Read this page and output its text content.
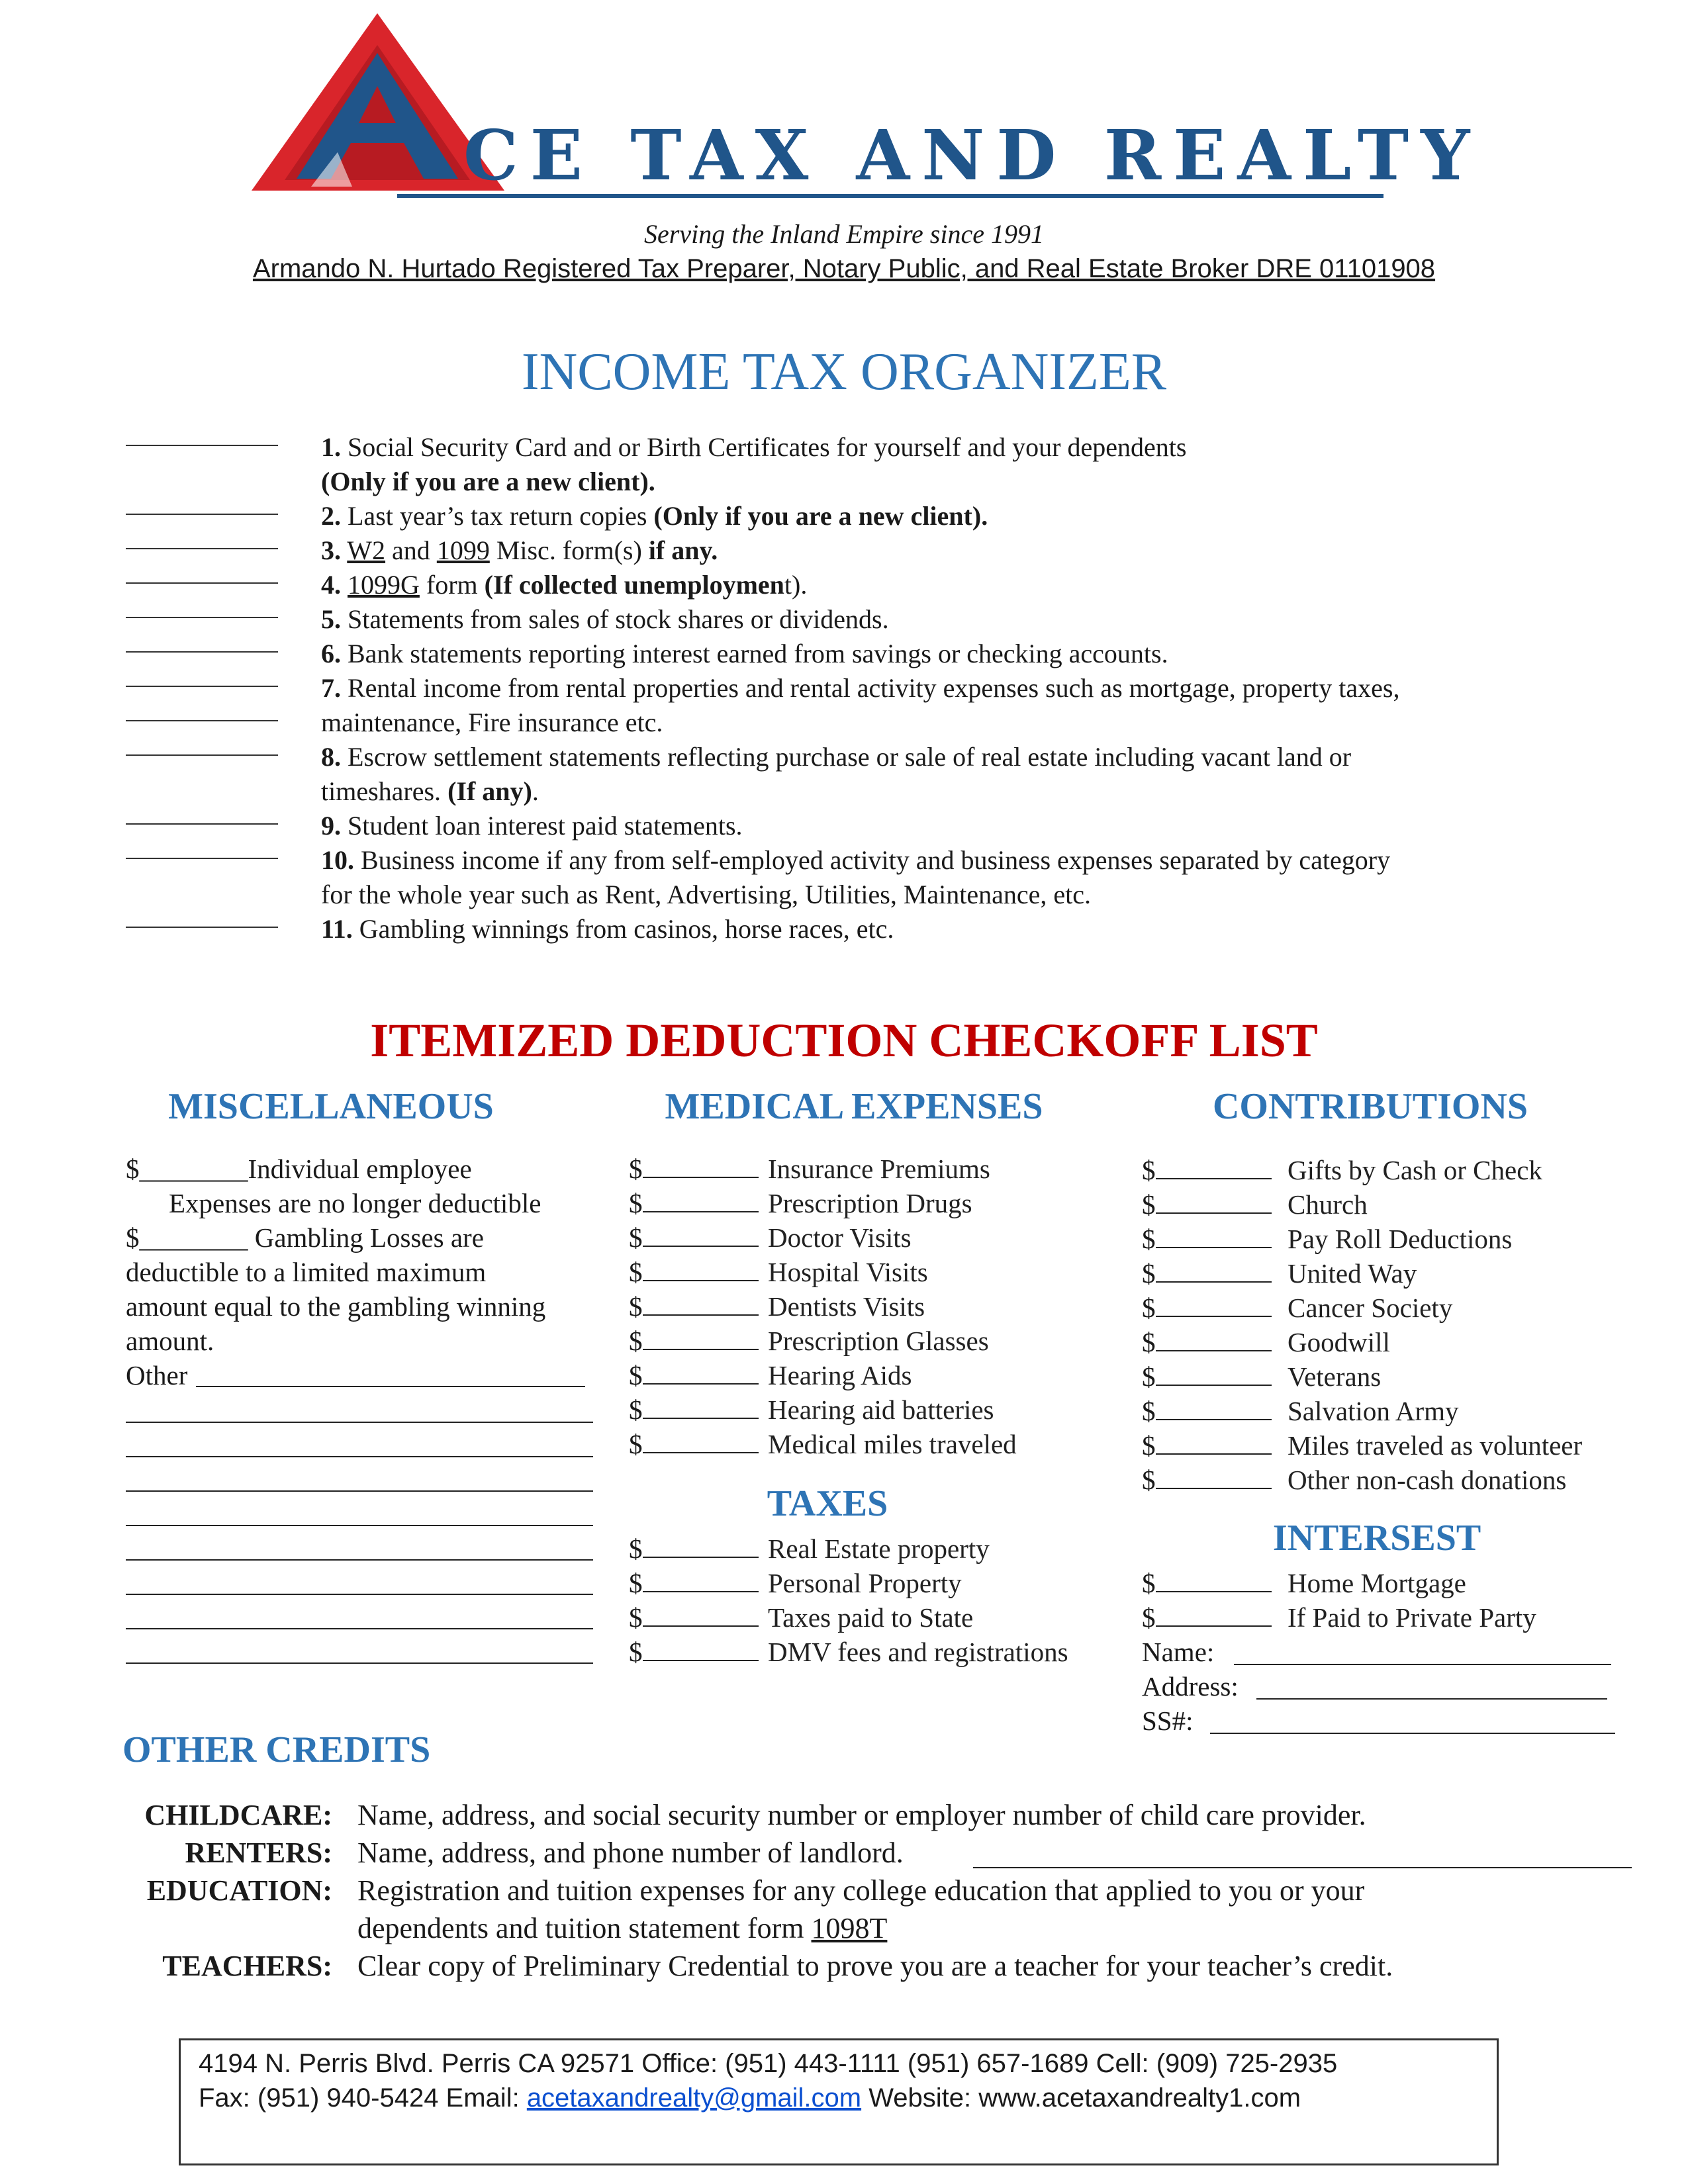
CE TAX AND REALTY
Serving the Inland Empire since 1991
Armando N. Hurtado Registered Tax Preparer, Notary Public, and Real Estate Broker DRE 01101908
INCOME TAX ORGANIZER
1. Social Security Card and or Birth Certificates for yourself and your dependents
(Only if you are a new client).
2. Last year’s tax return copies (Only if you are a new client).
3. W2 and 1099 Misc. form(s) if any.
4. 1099G form (If collected unemployment).
5. Statements from sales of stock shares or dividends.
6. Bank statements reporting interest earned from savings or checking accounts.
7. Rental income from rental properties and rental activity expenses such as mortgage, property taxes,
maintenance, Fire insurance etc.
8. Escrow settlement statements reflecting purchase or sale of real estate including vacant land or
timeshares. (If any).
9. Student loan interest paid statements.
10. Business income if any from self-employed activity and business expenses separated by category
for the whole year such as Rent, Advertising, Utilities, Maintenance, etc.
11. Gambling winnings from casinos, horse races, etc.
ITEMIZED DEDUCTION CHECKOFF LIST
MISCELLANEOUS	MEDICAL EXPENSES	CONTRIBUTIONS
$________Individual employee
Expenses are no longer deductible
$________ Gambling Losses are
deductible to a limited maximum
amount equal to the gambling winning
amount.
Other
$	Insurance Premiums
$	Prescription Drugs
$	Doctor Visits
$	Hospital Visits
$	Dentists Visits
$	Prescription Glasses
$	Hearing Aids
$	Hearing aid batteries
$	Medical miles traveled
TAXES
$	Real Estate property
$	Personal Property
$	Taxes paid to State
$	DMV fees and registrations
$	Gifts by Cash or Check
$	Church
$	Pay Roll Deductions
$	United Way
$	Cancer Society
$	Goodwill
$	Veterans
$	Salvation Army
$	Miles traveled as volunteer
$	Other non-cash donations
INTERSEST
$	Home Mortgage
$	If Paid to Private Party
Name:
Address:
SS#:
OTHER CREDITS
CHILDCARE: Name, address, and social security number or employer number of child care provider.
RENTERS: Name, address, and phone number of landlord.
EDUCATION: Registration and tuition expenses for any college education that applied to you or your
dependents and tuition statement form 1098T
TEACHERS: Clear copy of Preliminary Credential to prove you are a teacher for your teacher’s credit.
4194 N. Perris Blvd. Perris CA 92571 Office: (951) 443-1111 (951) 657-1689 Cell: (909) 725-2935
Fax: (951) 940-5424 Email: acetaxandrealty@gmail.com Website: www.acetaxandrealty1.com
